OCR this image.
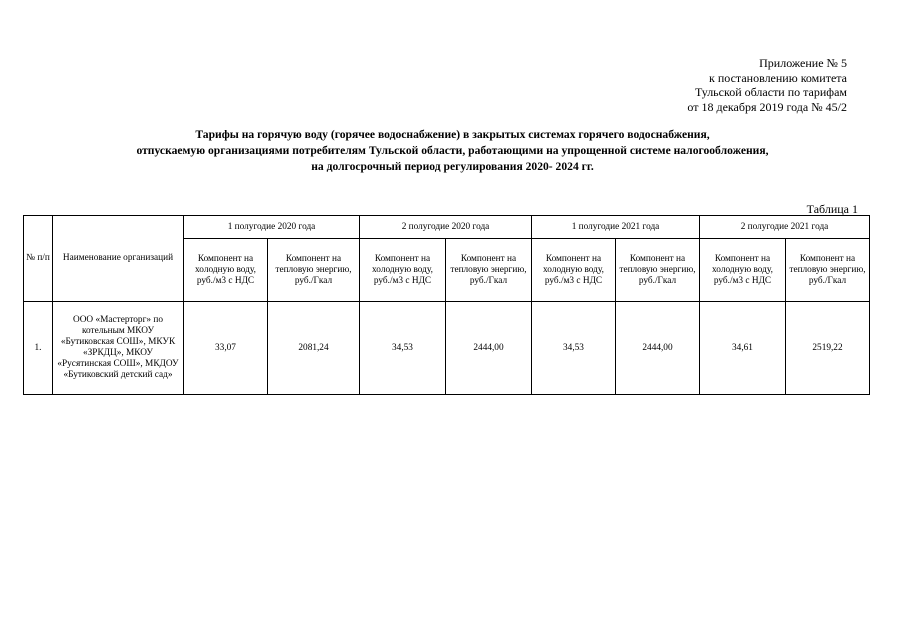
Приложение № 5
к постановлению комитета
Тульской области по тарифам
от 18 декабря 2019 года № 45/2
Тарифы на горячую воду (горячее водоснабжение) в закрытых системах горячего водоснабжения,
отпускаемую организациями потребителям Тульской области, работающими на упрощенной системе налогообложения,
на долгосрочный период регулирования 2020- 2024 гг.
Таблица 1
№ п/п	Наименование организаций	1 полугодие 2020 года		2 полугодие 2020 года		1 полугодие 2021 года		2 полугодие 2021 года	
		Компонент на холодную воду, руб./м3 с НДС	Компонент на тепловую энергию, руб./Гкал	Компонент на холодную воду, руб./м3 с НДС	Компонент на тепловую энергию, руб./Гкал	Компонент на холодную воду, руб./м3 с НДС	Компонент на тепловую энергию, руб./Гкал	Компонент на холодную воду, руб./м3 с НДС	Компонент на тепловую энергию, руб./Гкал
1.	ООО «Мастерторг» по котельным МКОУ «Бутиковская СОШ», МКУК «ЗРКДЦ», МКОУ «Русятинская СОШ», МКДОУ «Бутиковский детский сад»	33,07	2081,24	34,53	2444,00	34,53	2444,00	34,61	2519,22
